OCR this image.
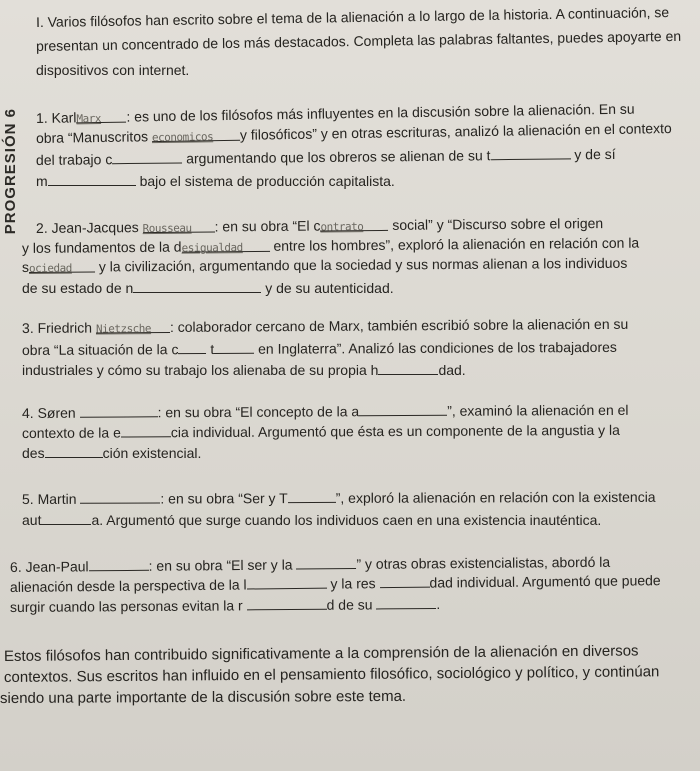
PROGRESIÓN 6
I. Varios filósofos han escrito sobre el tema de la alienación a lo largo de la historia. A continuación, se
presentan un concentrado de los más destacados. Completa las palabras faltantes, puedes apoyarte en
dispositivos con internet.
1. KarlMarx : es uno de los filósofos más influyentes en la discusión sobre la alienación. En su
obra “Manuscritos economicos y filosóficos” y en otras escrituras, analizó la alienación en el contexto
del trabajo c	argumentando que los obreros se alienan de su t	y de sí
m	bajo el sistema de producción capitalista.
2. Jean-Jacques Rousseau : en su obra “El contrato social” y “Discurso sobre el origen
y los fundamentos de la desigualdad entre los hombres”, exploró la alienación en relación con la
sociedad y la civilización, argumentando que la sociedad y sus normas alienan a los individuos
de su estado de n	y de su autenticidad.
3. Friedrich Nietzsche : colaborador cercano de Marx, también escribió sobre la alienación en su
obra “La situación de la c t	en Inglaterra”. Analizó las condiciones de los trabajadores
industriales y cómo su trabajo los alienaba de su propia h	dad.
4. Søren	: en su obra “El concepto de la a	”, examinó la alienación en el
contexto de la e	cia individual. Argumentó que ésta es un componente de la angustia y la
des	ción existencial.
5. Martin	: en su obra “Ser y T	”, exploró la alienación en relación con la existencia
aut	a. Argumentó que surge cuando los individuos caen en una existencia inauténtica.
6. Jean-Paul	: en su obra “El ser y la	” y otras obras existencialistas, abordó la
alienación desde la perspectiva de la l	y la res	dad individual. Argumentó que puede
surgir cuando las personas evitan la r	d de su	.
Estos filósofos han contribuido significativamente a la comprensión de la alienación en diversos
contextos. Sus escritos han influido en el pensamiento filosófico, sociológico y político, y continúan
siendo una parte importante de la discusión sobre este tema.
